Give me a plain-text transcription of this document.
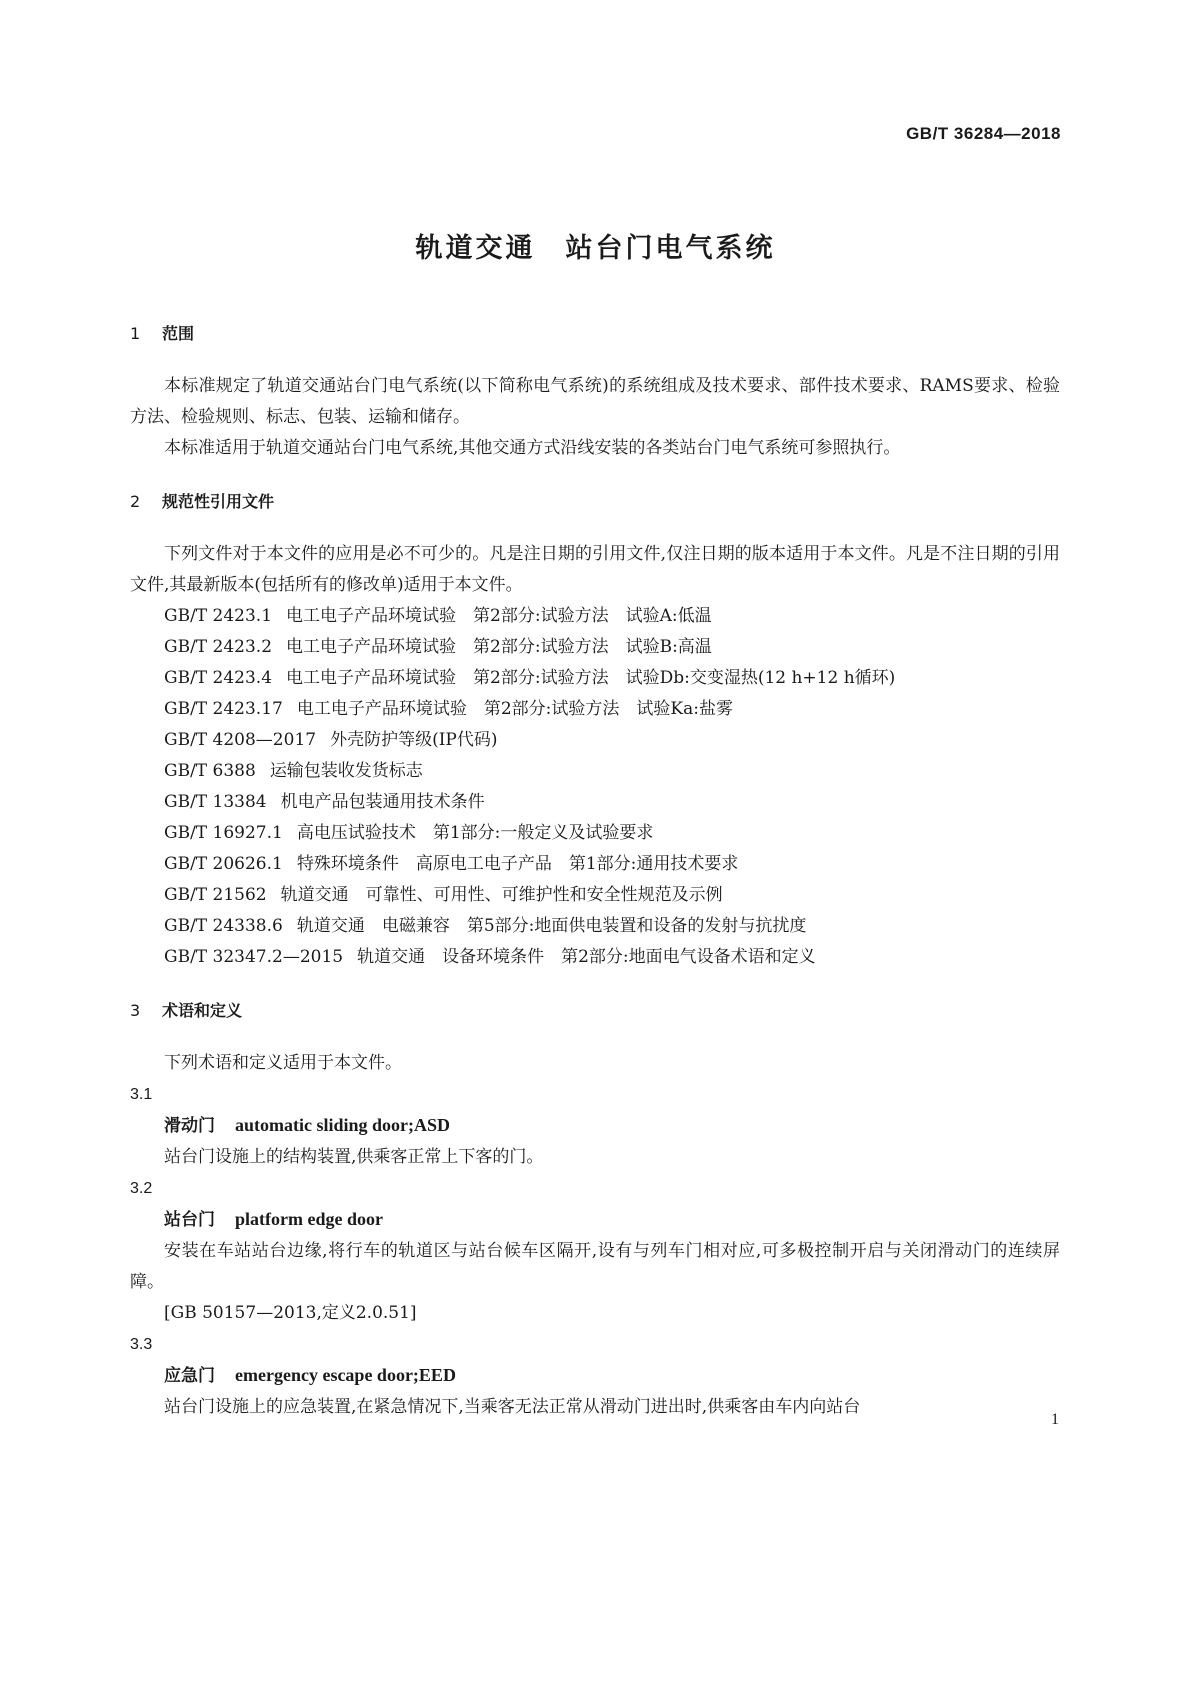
GB/T 36284—2018
轨道交通　站台门电气系统
1 范围
本标准规定了轨道交通站台门电气系统(以下简称电气系统)的系统组成及技术要求、部件技术要求、RAMS要求、检验方法、检验规则、标志、包装、运输和储存。
本标准适用于轨道交通站台门电气系统,其他交通方式沿线安装的各类站台门电气系统可参照执行。
2 规范性引用文件
下列文件对于本文件的应用是必不可少的。凡是注日期的引用文件,仅注日期的版本适用于本文件。凡是不注日期的引用文件,其最新版本(包括所有的修改单)适用于本文件。
GB/T 2423.1 电工电子产品环境试验　第2部分:试验方法　试验A:低温
GB/T 2423.2 电工电子产品环境试验　第2部分:试验方法　试验B:高温
GB/T 2423.4 电工电子产品环境试验　第2部分:试验方法　试验Db:交变湿热(12 h+12 h循环)
GB/T 2423.17 电工电子产品环境试验　第2部分:试验方法　试验Ka:盐雾
GB/T 4208—2017 外壳防护等级(IP代码)
GB/T 6388 运输包装收发货标志
GB/T 13384 机电产品包装通用技术条件
GB/T 16927.1 高电压试验技术　第1部分:一般定义及试验要求
GB/T 20626.1 特殊环境条件　高原电工电子产品　第1部分:通用技术要求
GB/T 21562 轨道交通　可靠性、可用性、可维护性和安全性规范及示例
GB/T 24338.6 轨道交通　电磁兼容　第5部分:地面供电装置和设备的发射与抗扰度
GB/T 32347.2—2015 轨道交通　设备环境条件　第2部分:地面电气设备术语和定义
3 术语和定义
下列术语和定义适用于本文件。
3.1
滑动门 automatic sliding door;ASD
站台门设施上的结构装置,供乘客正常上下客的门。
3.2
站台门 platform edge door
安装在车站站台边缘,将行车的轨道区与站台候车区隔开,设有与列车门相对应,可多极控制开启与关闭滑动门的连续屏障。
[GB 50157—2013,定义2.0.51]
3.3
应急门 emergency escape door;EED
站台门设施上的应急装置,在紧急情况下,当乘客无法正常从滑动门进出时,供乘客由车内向站台
1
